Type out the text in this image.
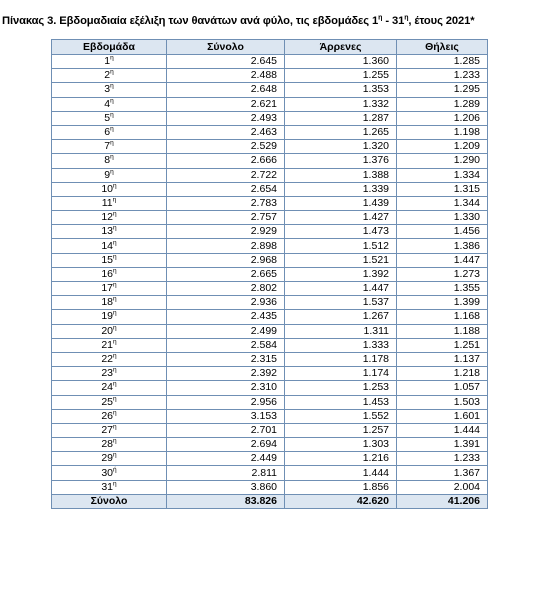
Πίνακας 3. Εβδομαδιαία εξέλιξη των θανάτων ανά φύλο, τις εβδομάδες $1^\eta - 31^\eta$, έτους 2021*
Εβδομάδα	Σύνολο	Άρρενες	Θήλεις
$1^\eta$	2.645	1.360	1.285
$2^\eta$	2.488	1.255	1.233
$3^\eta$	2.648	1.353	1.295
$4^\eta$	2.621	1.332	1.289
$5^\eta$	2.493	1.287	1.206
$6^\eta$	2.463	1.265	1.198
$7^\eta$	2.529	1.320	1.209
$8^\eta$	2.666	1.376	1.290
$9^\eta$	2.722	1.388	1.334
$10^\eta$	2.654	1.339	1.315
$11^\eta$	2.783	1.439	1.344
$12^\eta$	2.757	1.427	1.330
$13^\eta$	2.929	1.473	1.456
$14^\eta$	2.898	1.512	1.386
$15^\eta$	2.968	1.521	1.447
$16^\eta$	2.665	1.392	1.273
$17^\eta$	2.802	1.447	1.355
$18^\eta$	2.936	1.537	1.399
$19^\eta$	2.435	1.267	1.168
$20^\eta$	2.499	1.311	1.188
$21^\eta$	2.584	1.333	1.251
$22^\eta$	2.315	1.178	1.137
$23^\eta$	2.392	1.174	1.218
$24^\eta$	2.310	1.253	1.057
$25^\eta$	2.956	1.453	1.503
$26^\eta$	3.153	1.552	1.601
$27^\eta$	2.701	1.257	1.444
$28^\eta$	2.694	1.303	1.391
$29^\eta$	2.449	1.216	1.233
$30^ή$	2.811	1.444	1.367
$31^\eta$	3.860	1.856	2.004
Σύνολο	83.826	42.620	41.206
